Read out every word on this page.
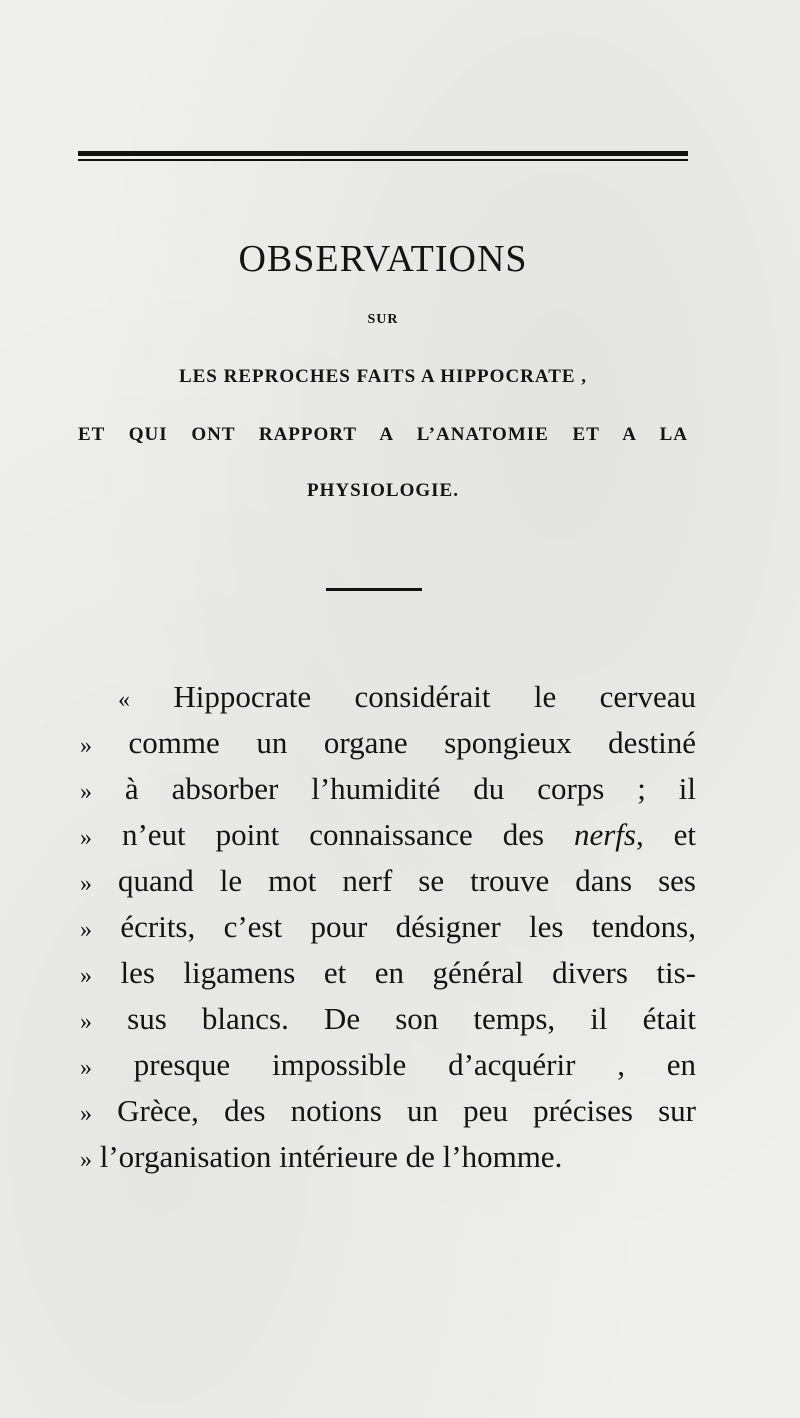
OBSERVATIONS
SUR
LES REPROCHES FAITS A HIPPOCRATE ,
ET QUI ONT RAPPORT A L’ANATOMIE ET A LA
PHYSIOLOGIE.
« Hippocrate considérait le cerveau
» comme un organe spongieux destiné
» à absorber l’humidité du corps ; il
» n’eut point connaissance des nerfs, et
» quand le mot nerf se trouve dans ses
» écrits, c’est pour désigner les tendons,
» les ligamens et en général divers tis-
» sus blancs. De son temps, il était
» presque impossible d’acquérir , en
» Grèce, des notions un peu précises sur
» l’organisation intérieure de l’homme.
